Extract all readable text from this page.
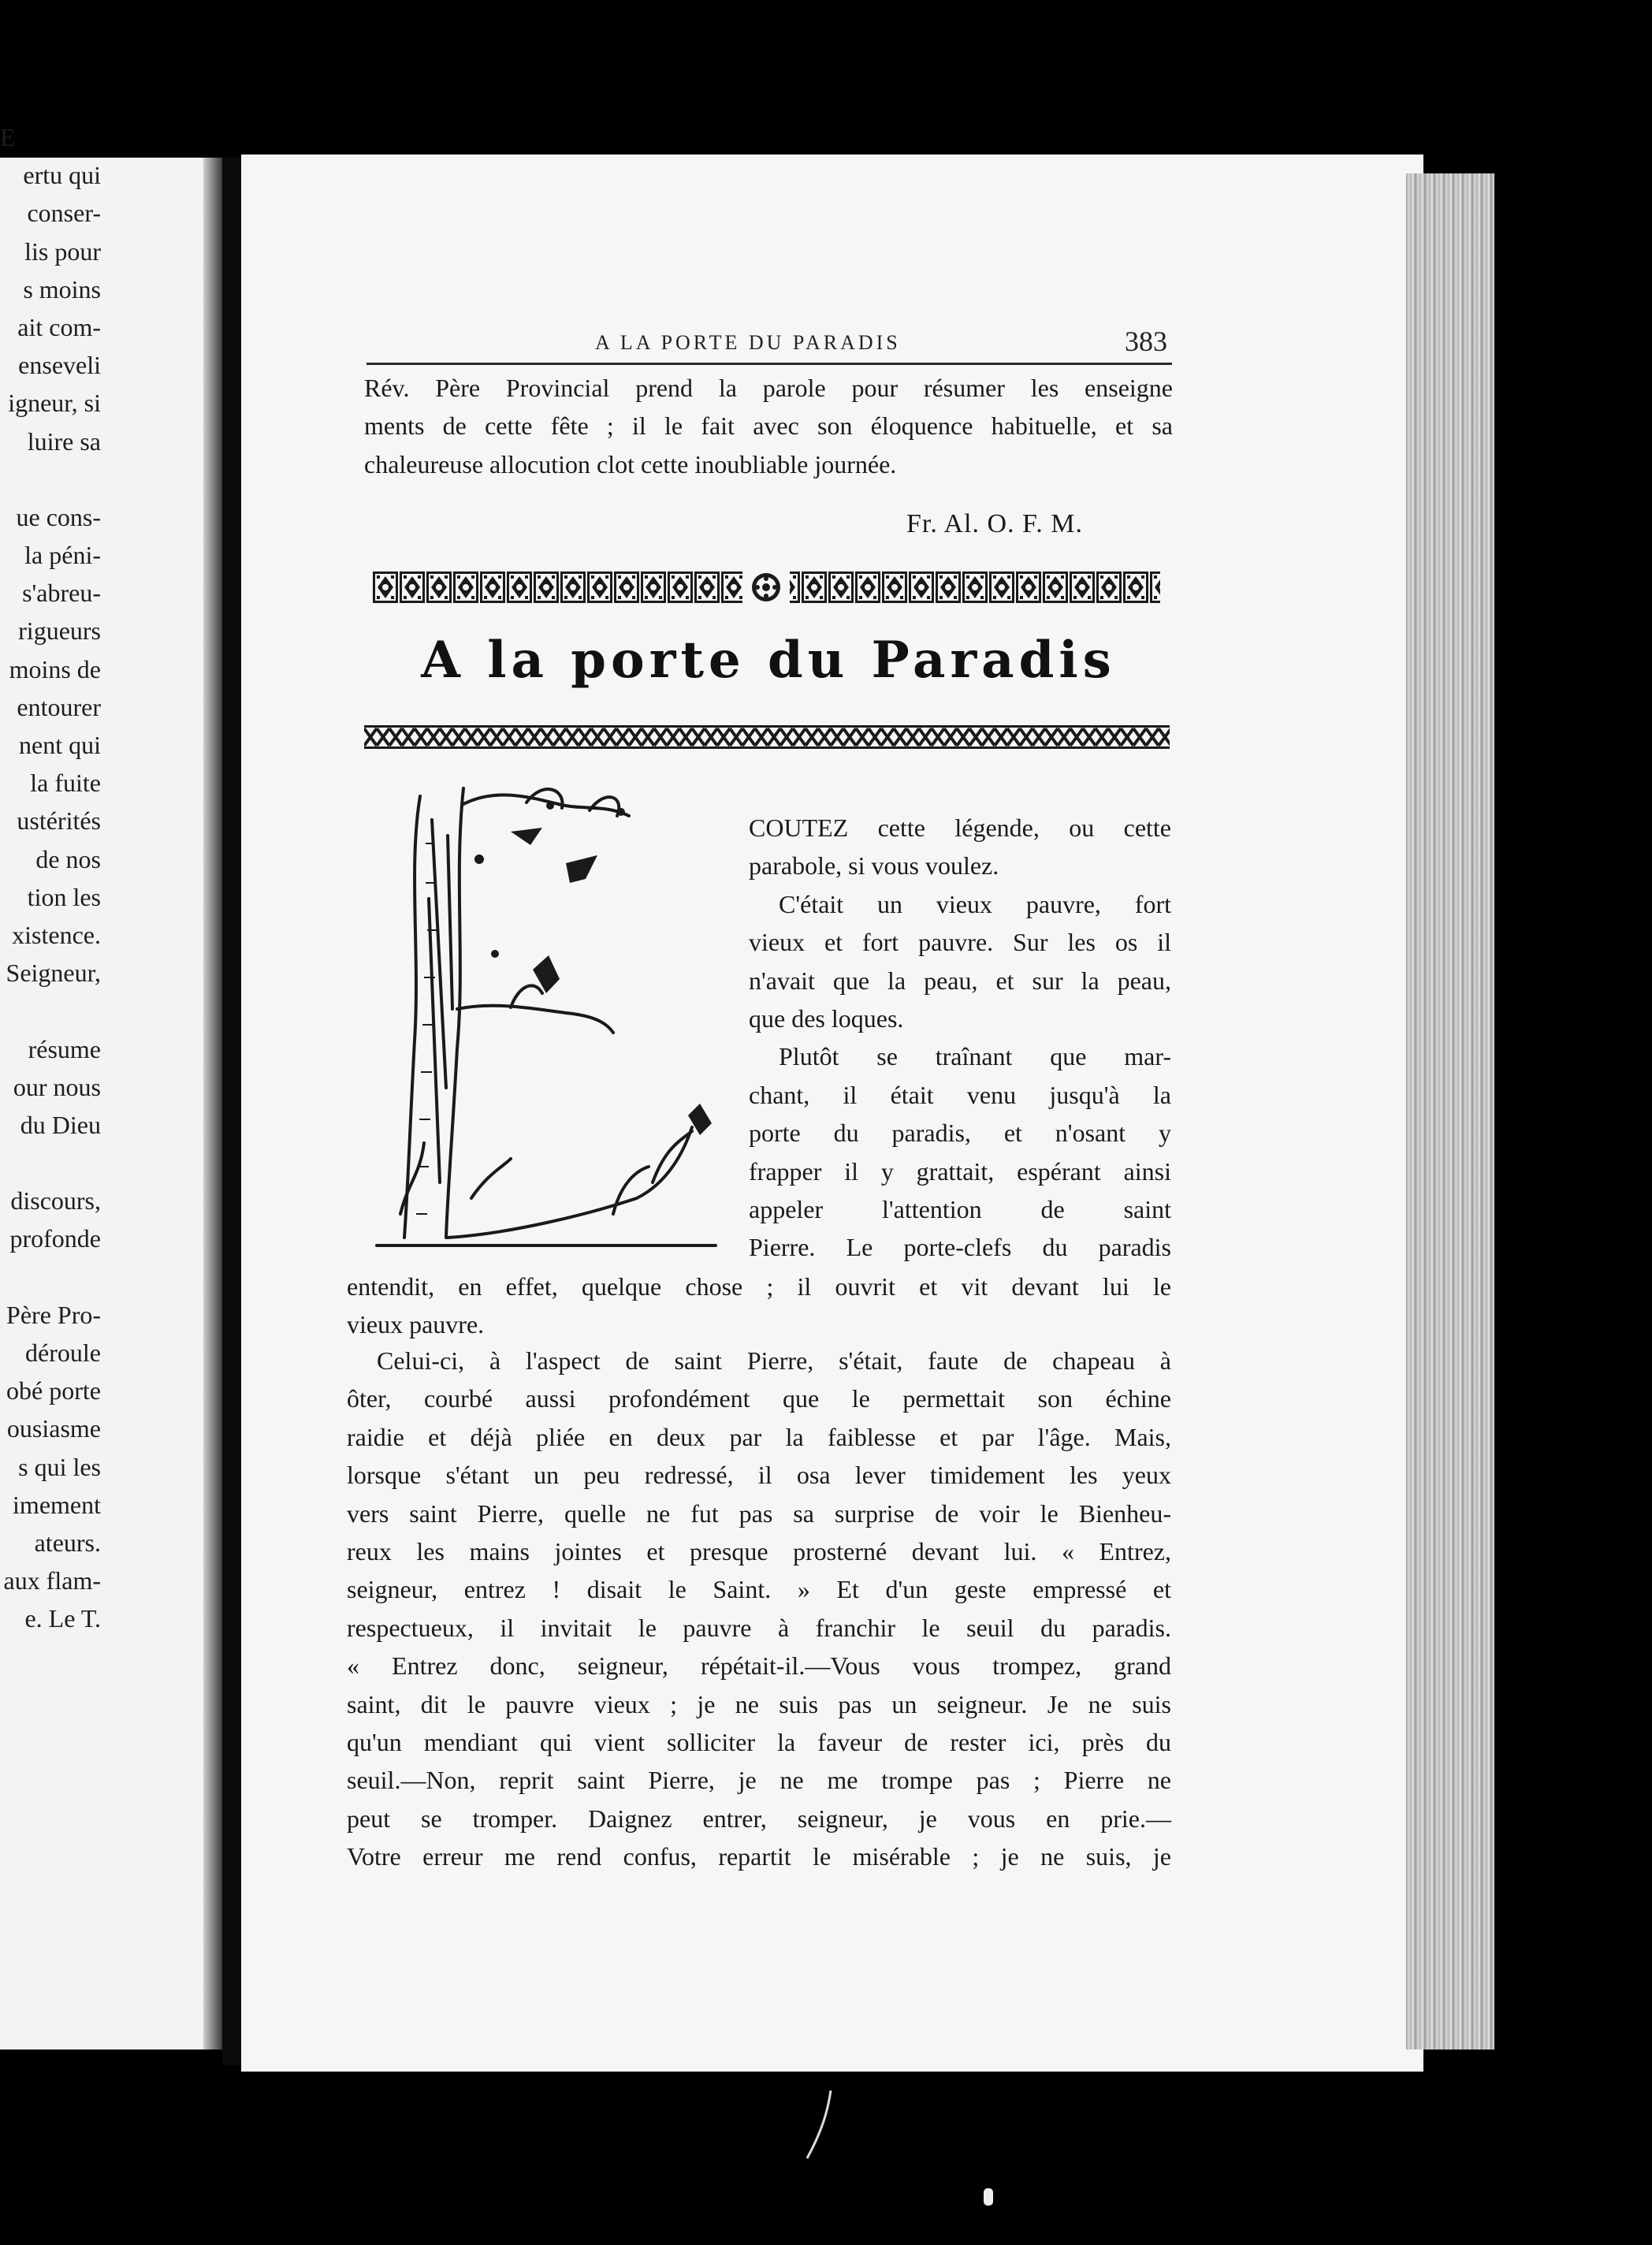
E
ertu qui
conser-
lis pour
s moins
ait com-
enseveli
igneur, si
luire sa
ue cons-
la péni-
s'abreu-
rigueurs
moins de
entourer
nent qui
la fuite
ustérités
de nos
tion les
xistence.
Seigneur,
résume
our nous
du Dieu
discours,
profonde
Père Pro-
déroule
obé porte
ousiasme
s qui les
imement
ateurs.
aux flam-
e. Le T.
A LA PORTE DU PARADIS	383
Rév. Père Provincial prend la parole pour résumer les enseigne
ments de cette fête ; il le fait avec son éloquence habituelle, et sa
chaleureuse allocution clot cette inoubliable journée.
Fr. Al. O. F. M.
A la porte du Paradis
COUTEZ cette légende, ou cette
parabole, si vous voulez.
C'était un vieux pauvre, fort
vieux et fort pauvre. Sur les os il
n'avait que la peau, et sur la peau,
que des loques.
Plutôt se traînant que mar-
chant, il était venu jusqu'à la
porte du paradis, et n'osant y
frapper il y grattait, espérant ainsi
appeler l'attention de saint
Pierre. Le porte-clefs du paradis
entendit, en effet, quelque chose ; il ouvrit et vit devant lui le
vieux pauvre.
Celui-ci, à l'aspect de saint Pierre, s'était, faute de chapeau à
ôter, courbé aussi profondément que le permettait son échine
raidie et déjà pliée en deux par la faiblesse et par l'âge. Mais,
lorsque s'étant un peu redressé, il osa lever timidement les yeux
vers saint Pierre, quelle ne fut pas sa surprise de voir le Bienheu-
reux les mains jointes et presque prosterné devant lui. « Entrez,
seigneur, entrez ! disait le Saint. » Et d'un geste empressé et
respectueux, il invitait le pauvre à franchir le seuil du paradis.
« Entrez donc, seigneur, répétait-il.—Vous vous trompez, grand
saint, dit le pauvre vieux ; je ne suis pas un seigneur. Je ne suis
qu'un mendiant qui vient solliciter la faveur de rester ici, près du
seuil.—Non, reprit saint Pierre, je ne me trompe pas ; Pierre ne
peut se tromper. Daignez entrer, seigneur, je vous en prie.—
Votre erreur me rend confus, repartit le misérable ; je ne suis, je
